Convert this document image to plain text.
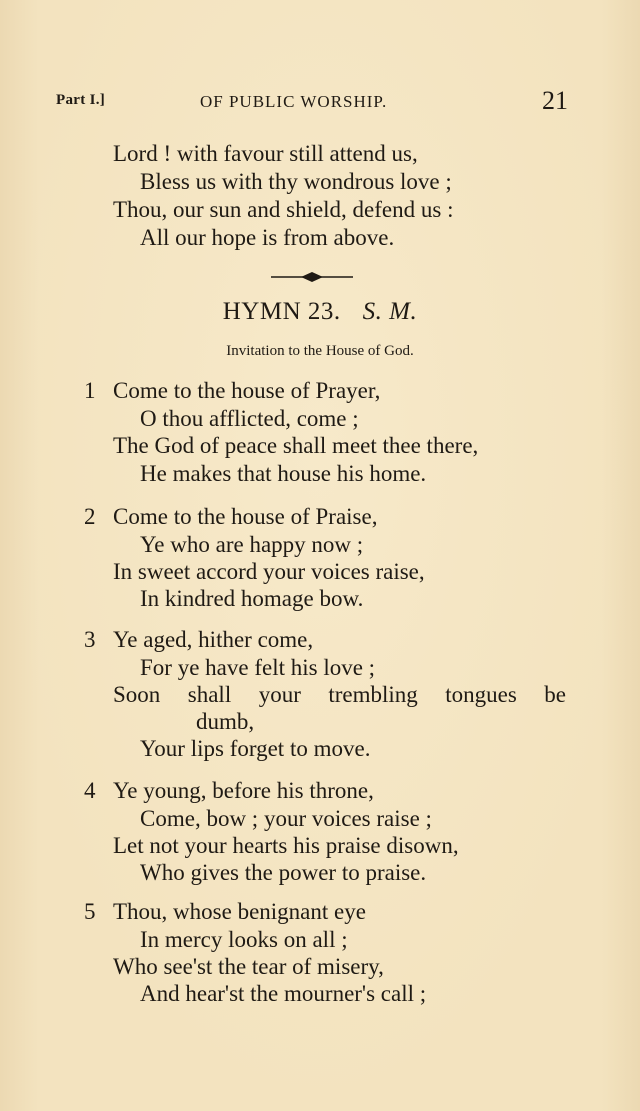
Part I.]	OF PUBLIC WORSHIP.	21
Lord ! with favour still attend us,
Bless us with thy wondrous love ;
Thou, our sun and shield, defend us :
All our hope is from above.
HYMN 23. S. M.
Invitation to the House of God.
1 Come to the house of Prayer,
O thou afflicted, come ;
The God of peace shall meet thee there,
He makes that house his home.
2 Come to the house of Praise,
Ye who are happy now ;
In sweet accord your voices raise,
In kindred homage bow.
3 Ye aged, hither come,
For ye have felt his love ;
Soon shall your trembling tongues be
dumb,
Your lips forget to move.
4 Ye young, before his throne,
Come, bow ; your voices raise ;
Let not your hearts his praise disown,
Who gives the power to praise.
5 Thou, whose benignant eye
In mercy looks on all ;
Who see'st the tear of misery,
And hear'st the mourner's call ;
